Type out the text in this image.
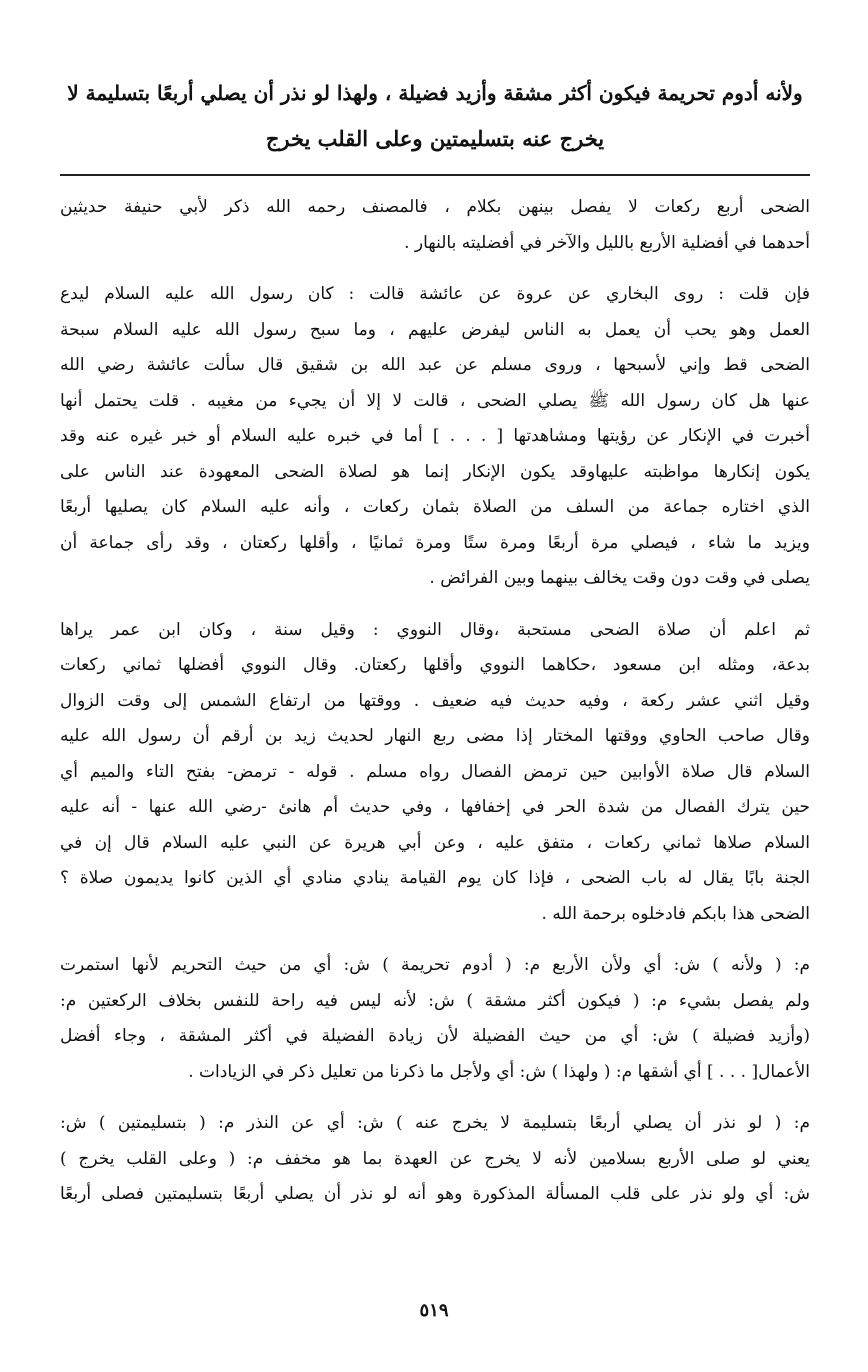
ولأنه أدوم تحريمة فيكون أكثر مشقة وأزيد فضيلة ، ولهذا لو نذر أن يصلي أربعًا بتسليمة لا

يخرج عنه بتسليمتين وعلى القلب يخرج

الضحى أربع ركعات لا يفصل بينهن بكلام ، فالمصنف رحمه الله ذكر لأبي حنيفة حديثين
أحدهما في أفضلية الأربع بالليل والآخر في أفضليته بالنهار .
فإن قلت : روى البخاري عن عروة عن عائشة قالت : كان رسول الله عليه السلام ليدع
العمل وهو يحب أن يعمل به الناس ليفرض عليهم ، وما سبح رسول الله عليه السلام سبحة
الضحى قط وإني لأسبحها ، وروى مسلم عن عبد الله بن شقيق قال سألت عائشة رضي الله
عنها هل كان رسول الله ﷺ يصلي الضحى ، قالت لا إلا أن يجيء من مغيبه . قلت يحتمل أنها
أخبرت في الإنكار عن رؤيتها ومشاهدتها [ . . . ] أما في خبره عليه السلام أو خبر غيره عنه وقد
يكون إنكارها مواظبته عليهاوقد يكون الإنكار إنما هو لصلاة الضحى المعهودة عند الناس على
الذي اختاره جماعة من السلف من الصلاة بثمان ركعات ، وأنه عليه السلام كان يصليها أربعًا
ويزيد ما شاء ، فيصلي مرة أربعًا ومرة ستًا ومرة ثمانيًا ، وأقلها ركعتان ، وقد رأى جماعة أن
يصلى في وقت دون وقت يخالف بينهما وبين الفرائض .
ثم اعلم أن صلاة الضحى مستحبة ،وقال النووي : وقيل سنة ، وكان ابن عمر يراها
بدعة، ومثله ابن مسعود ،حكاهما النووي وأقلها ركعتان. وقال النووي أفضلها ثماني ركعات
وقيل اثني عشر ركعة ، وفيه حديث فيه ضعيف . ووقتها من ارتفاع الشمس إلى وقت الزوال
وقال صاحب الحاوي ووقتها المختار إذا مضى ربع النهار لحديث زيد بن أرقم أن رسول الله عليه
السلام قال صلاة الأوابين حين ترمض الفصال رواه مسلم . قوله - ترمض- بفتح التاء والميم أي
حين يترك الفصال من شدة الحر في إخفافها ، وفي حديث أم هانئ -رضي الله عنها - أنه عليه
السلام صلاها ثماني ركعات ، متفق عليه ، وعن أبي هريرة عن النبي عليه السلام قال إن في
الجنة بابًا يقال له باب الضحى ، فإذا كان يوم القيامة ينادي منادي أي الذين كانوا يديمون صلاة ؟
الضحى هذا بابكم فادخلوه برحمة الله .
م: ( ولأنه ) ش: أي ولأن الأربع م: ( أدوم تحريمة ) ش: أي من حيث التحريم لأنها استمرت
ولم يفصل بشيء م: ( فيكون أكثر مشقة ) ش: لأنه ليس فيه راحة للنفس بخلاف الركعتين م:
(وأزيد فضيلة ) ش: أي من حيث الفضيلة لأن زيادة الفضيلة في أكثر المشقة ، وجاء أفضل
الأعمال[ . . . ] أي أشقها م: ( ولهذا ) ش: أي ولأجل ما ذكرنا من تعليل ذكر في الزيادات .
م: ( لو نذر أن يصلي أربعًا بتسليمة لا يخرج عنه ) ش: أي عن النذر م: ( بتسليمتين ) ش:
يعني لو صلى الأربع بسلامين لأنه لا يخرج عن العهدة بما هو مخفف م: ( وعلى القلب يخرج )
ش: أي ولو نذر على قلب المسألة المذكورة وهو أنه لو نذر أن يصلي أربعًا بتسليمتين فصلى أربعًا
٥١٩
